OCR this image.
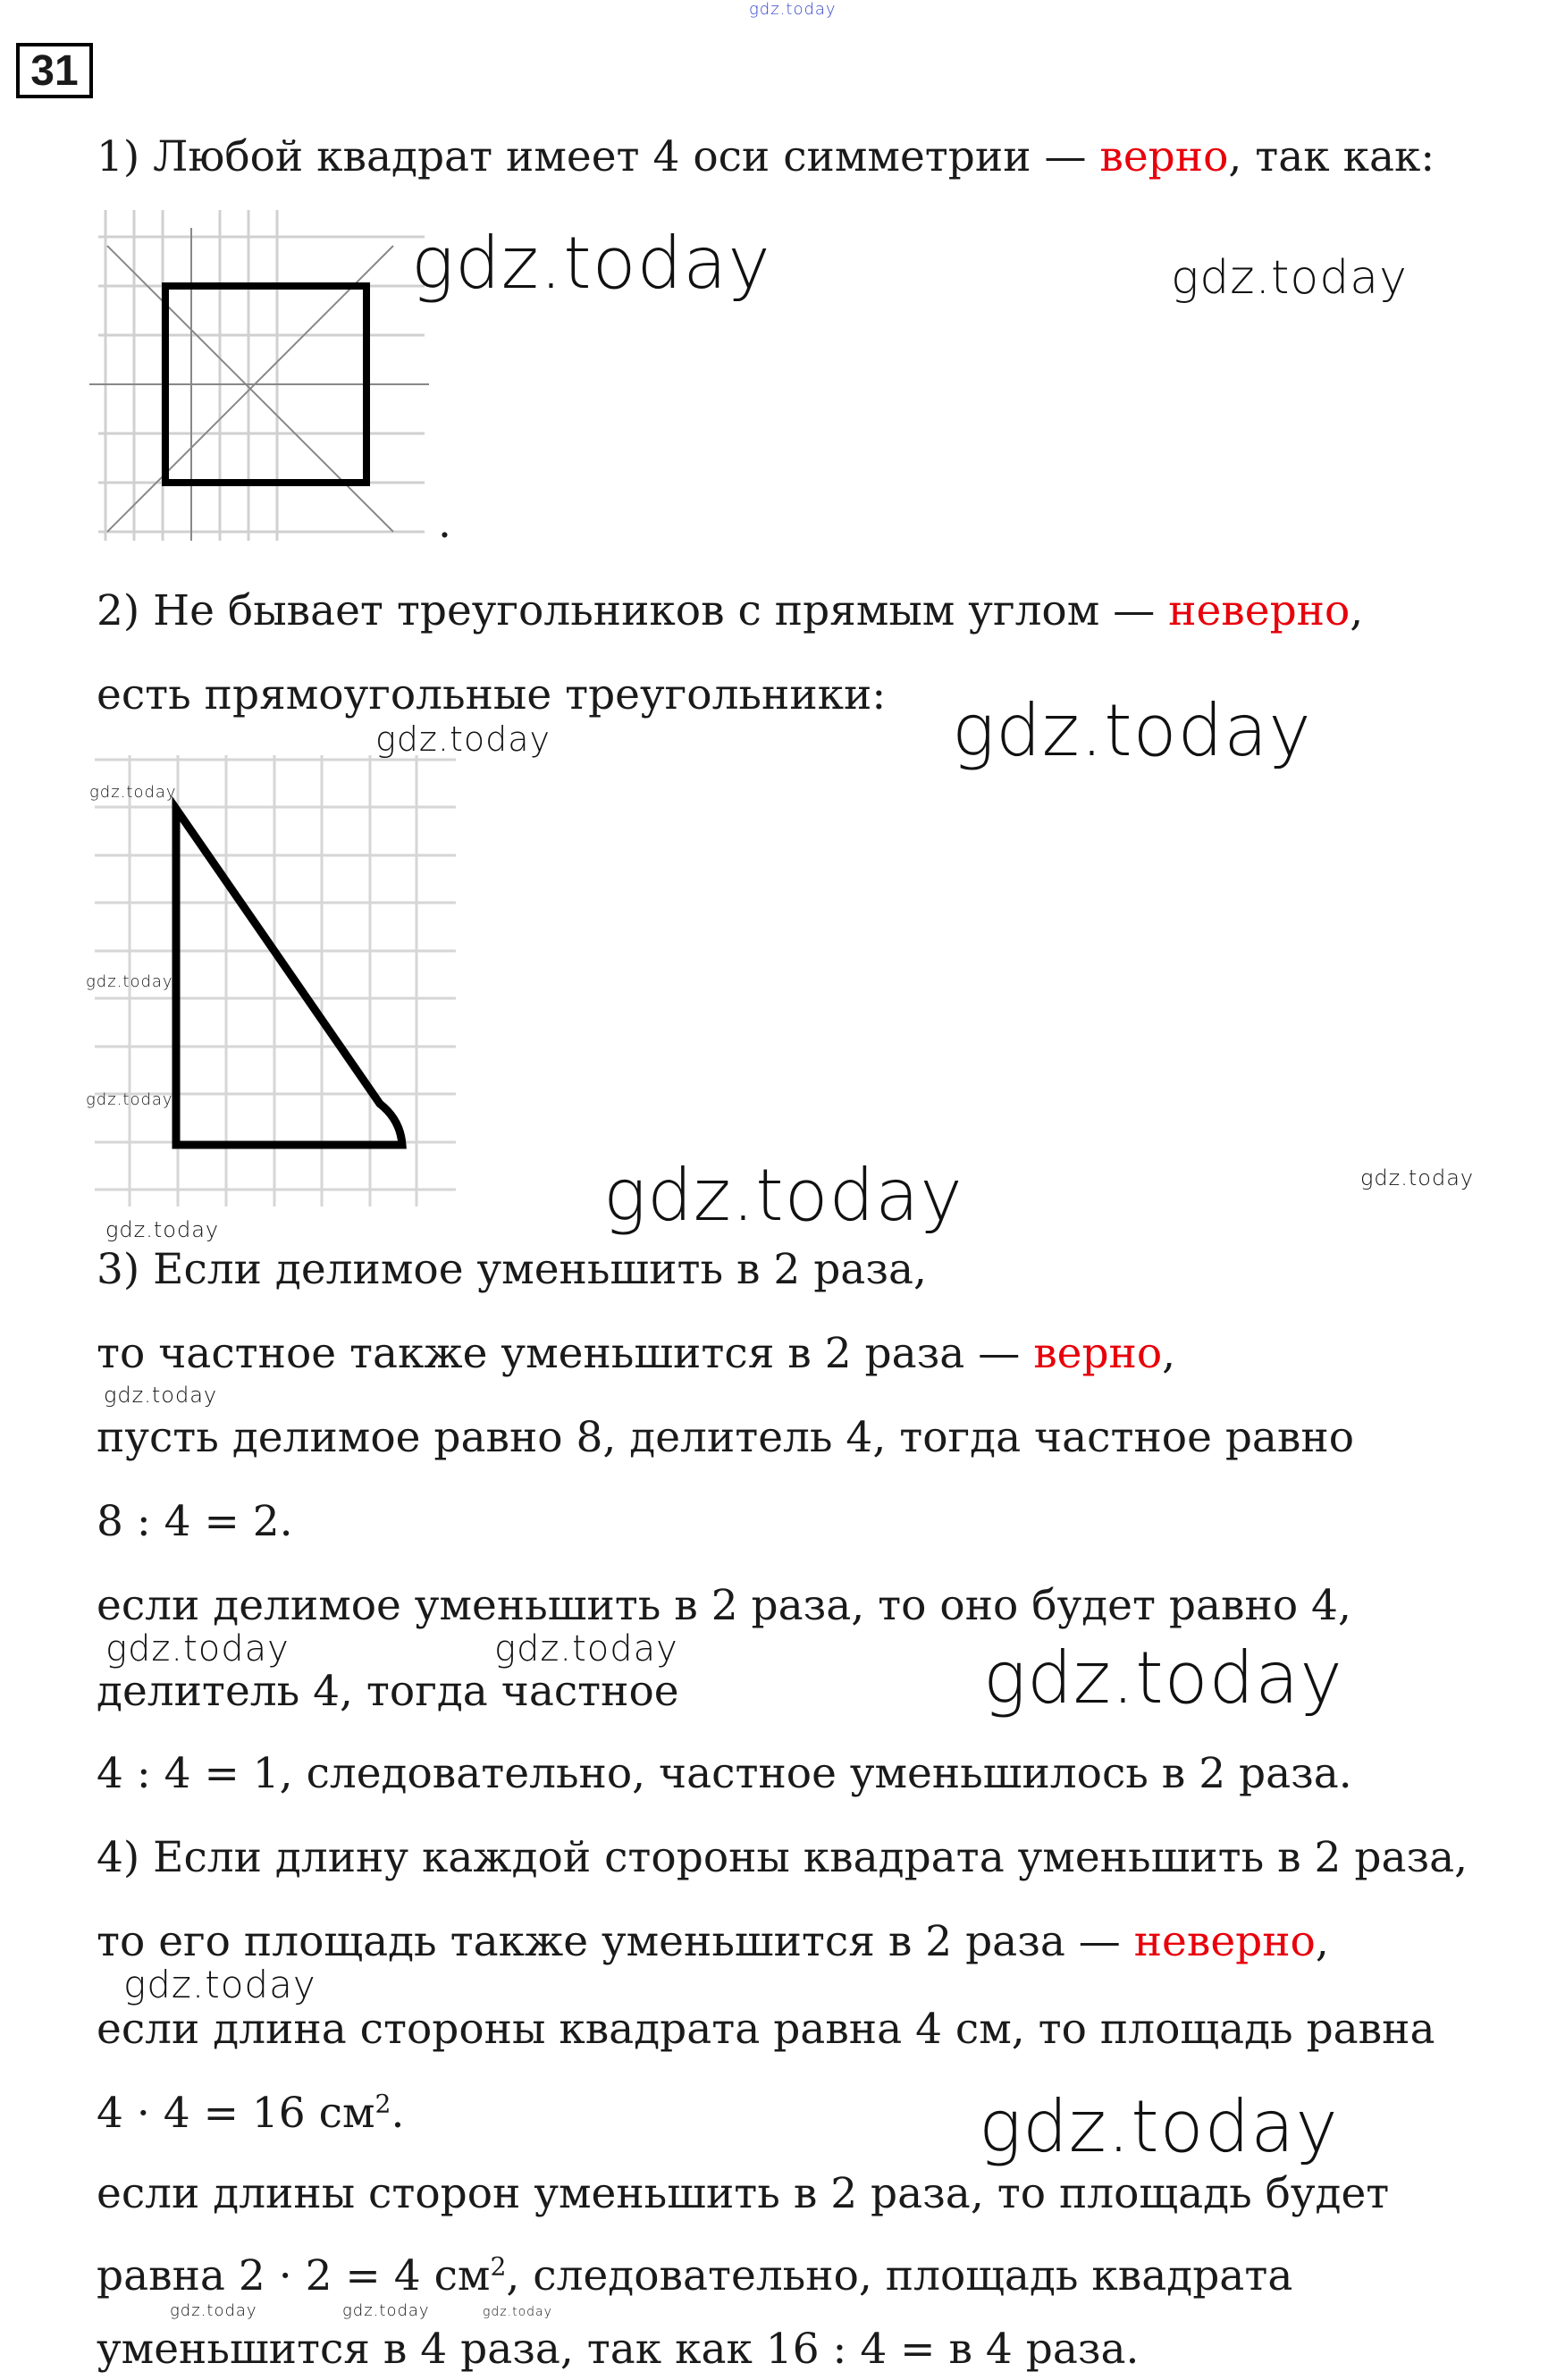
gdz.today
31
1) Любой квадрат имеет 4 оси симметрии — верно, так как:
.
gdz.today	gdz.today
2) Не бывает треугольников с прямым углом — неверно,
есть прямоугольные треугольники:
gdz.today
gdz.today
gdz.today
gdz.today
gdz.today	gdz.today
gdz.today	gdz.today
3) Если делимое уменьшить в 2 раза,
то частное также уменьшится в 2 раза — верно,
gdz.today
пусть делимое равно 8, делитель 4, тогда частное равно
8 : 4 = 2.
если делимое уменьшить в 2 раза, то оно будет равно 4,
gdz.today	gdz.today	gdz.today
делитель 4, тогда частное
4 : 4 = 1, следовательно, частное уменьшилось в 2 раза.
4) Если длину каждой стороны квадрата уменьшить в 2 раза,
то его площадь также уменьшится в 2 раза — неверно,
gdz.today
если длина стороны квадрата равна 4 см, то площадь равна
4 · 4 = 16 $см^2$.	gdz.today
если длины сторон уменьшить в 2 раза, то площадь будет
равна 2 · 2 = 4 $см^2$, следовательно, площадь квадрата
gdz.today	gdz.today	gdz.today
уменьшится в 4 раза, так как 16 : 4 = в 4 раза.
